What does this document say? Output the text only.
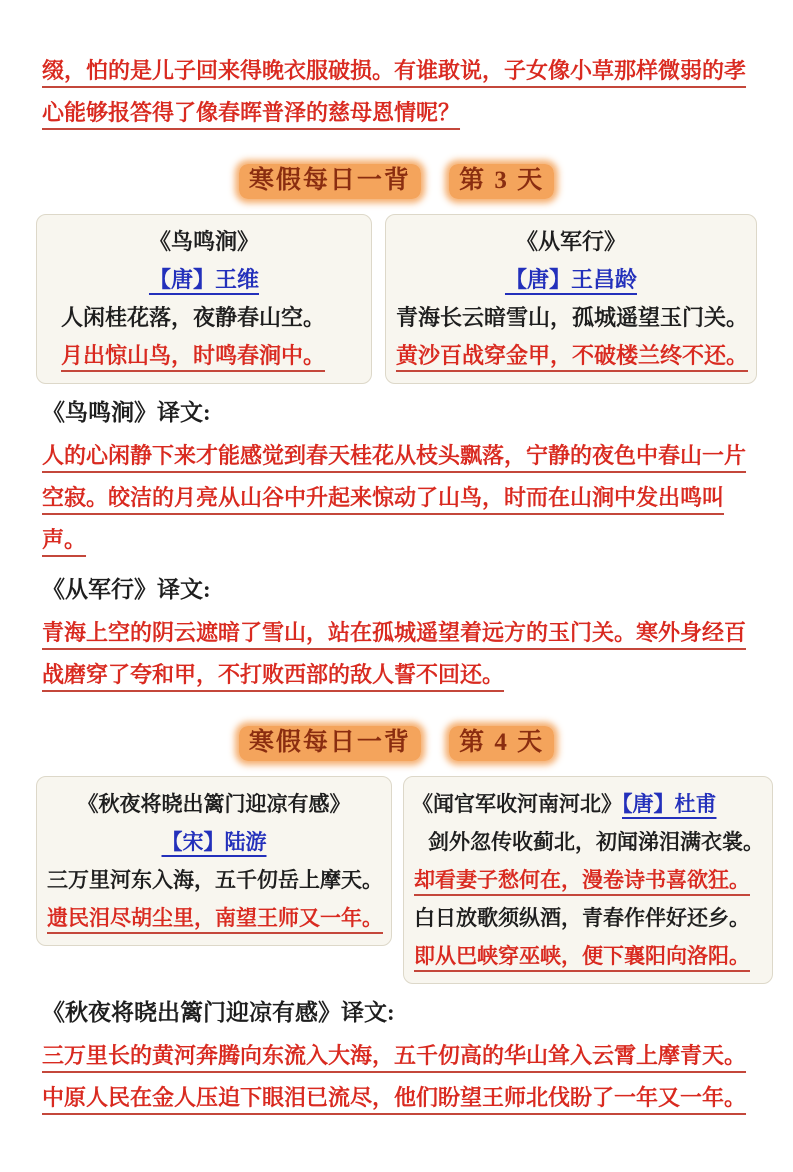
缀，怕的是儿子回来得晚衣服破损。有谁敢说，子女像小草那样微弱的孝心能够报答得了像春晖普泽的慈母恩情呢？

寒假每日一背 第 3 天
《鸟鸣涧》
【唐】王维
人闲桂花落，夜静春山空。
月出惊山鸟，时鸣春涧中。
《从军行》
【唐】王昌龄
青海长云暗雪山，孤城遥望玉门关。
黄沙百战穿金甲，不破楼兰终不还。
《鸟鸣涧》译文:

人的心闲静下来才能感觉到春天桂花从枝头飘落，宁静的夜色中春山一片空寂。皎洁的月亮从山谷中升起来惊动了山鸟，时而在山涧中发出鸣叫声。

《从军行》译文:

青海上空的阴云遮暗了雪山，站在孤城遥望着远方的玉门关。寒外身经百战磨穿了夸和甲，不打败西部的敌人誓不回还。

寒假每日一背 第 4 天
《秋夜将晓出篱门迎凉有感》
【宋】陆游
三万里河东入海，五千仞岳上摩天。
遗民泪尽胡尘里，南望王师又一年。
《闻官军收河南河北》【唐】杜甫
剑外忽传收蓟北，初闻涕泪满衣裳。
却看妻子愁何在，漫卷诗书喜欲狂。
白日放歌须纵酒，青春作伴好还乡。
即从巴峡穿巫峡，便下襄阳向洛阳。
《秋夜将晓出篱门迎凉有感》译文:

三万里长的黄河奔腾向东流入大海，五千仞高的华山耸入云霄上摩青天。中原人民在金人压迫下眼泪已流尽，他们盼望王师北伐盼了一年又一年。
